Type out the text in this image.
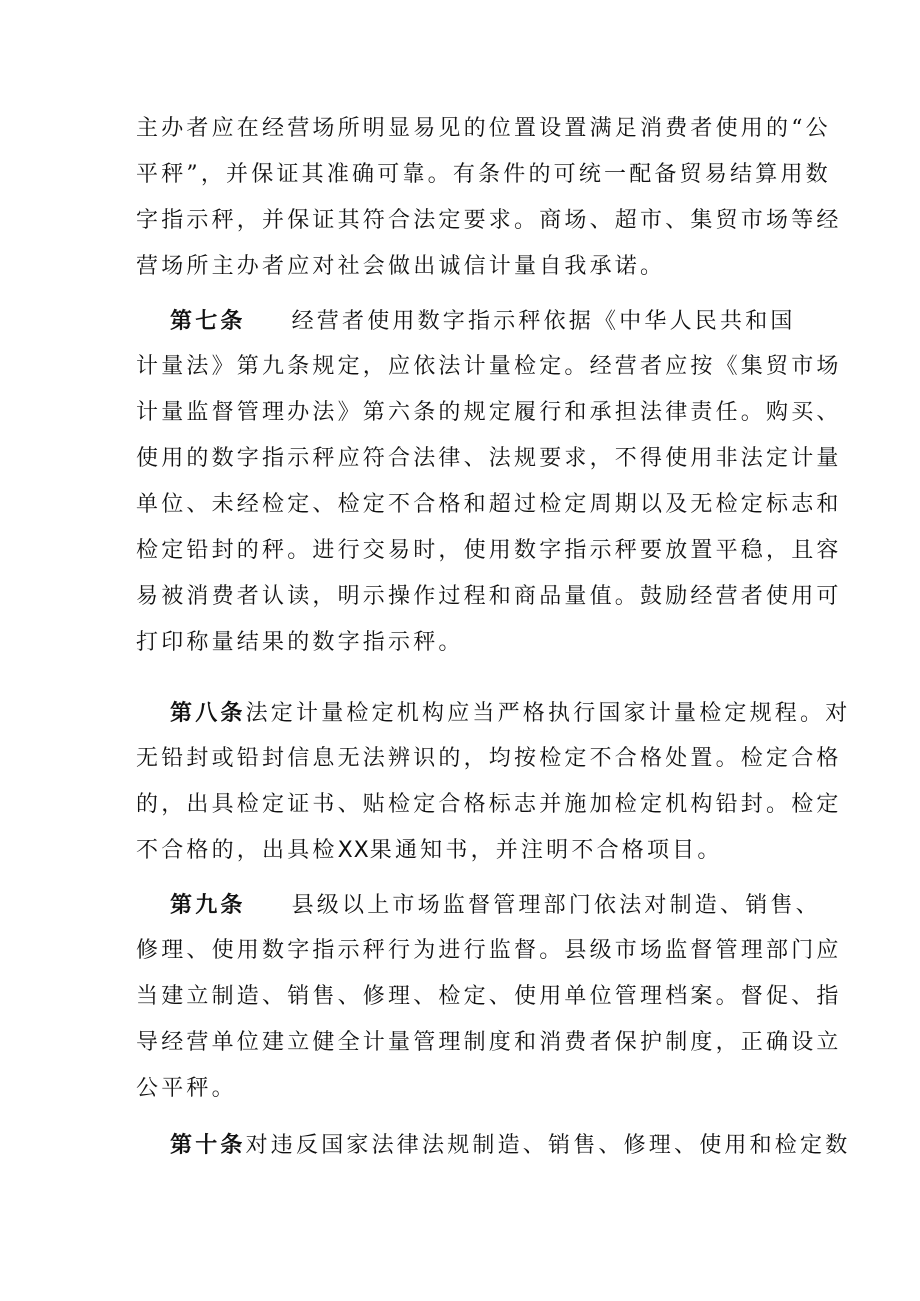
主办者应在经营场所明显易见的位置设置满足消费者使用的“公
平秤”，并保证其准确可靠。有条件的可统一配备贸易结算用数
字指示秤，并保证其符合法定要求。商场、超市、集贸市场等经
营场所主办者应对社会做出诚信计量自我承诺。
第七条 经营者使用数字指示秤依据《中华人民共和国
计量法》第九条规定，应依法计量检定。经营者应按《集贸市场
计量监督管理办法》第六条的规定履行和承担法律责任。购买、
使用的数字指示秤应符合法律、法规要求，不得使用非法定计量
单位、未经检定、检定不合格和超过检定周期以及无检定标志和
检定铅封的秤。进行交易时，使用数字指示秤要放置平稳，且容
易被消费者认读，明示操作过程和商品量值。鼓励经营者使用可
打印称量结果的数字指示秤。
第八条法定计量检定机构应当严格执行国家计量检定规程。对
无铅封或铅封信息无法辨识的，均按检定不合格处置。检定合格
的，出具检定证书、贴检定合格标志并施加检定机构铅封。检定
不合格的，出具检XX果通知书，并注明不合格项目。
第九条 县级以上市场监督管理部门依法对制造、销售、
修理、使用数字指示秤行为进行监督。县级市场监督管理部门应
当建立制造、销售、修理、检定、使用单位管理档案。督促、指
导经营单位建立健全计量管理制度和消费者保护制度，正确设立
公平秤。
第十条对违反国家法律法规制造、销售、修理、使用和检定数
